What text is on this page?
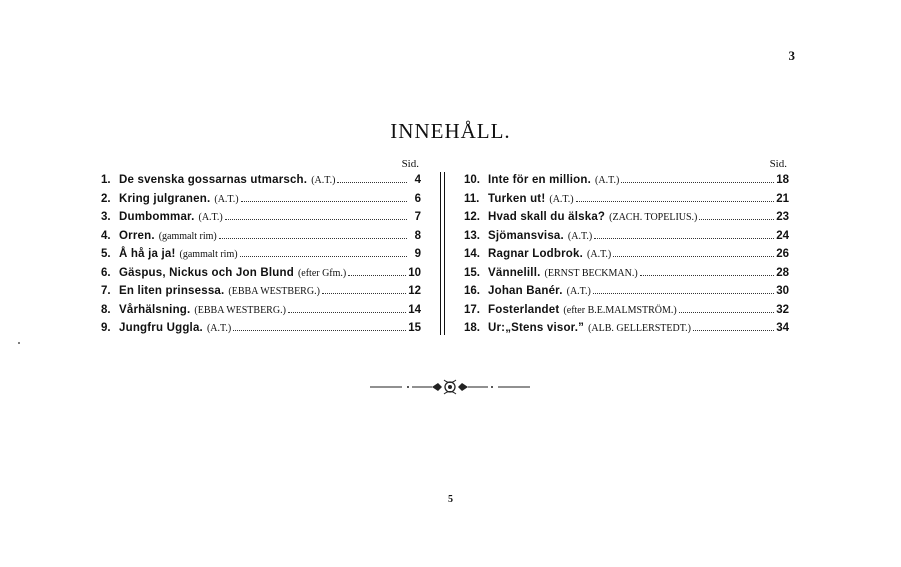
3
INNEHÅLL.
Sid.
1. De svenska gossarnas utmarsch. (A.T.)	4
2. Kring julgranen. (A.T.)	6
3. Dumbommar. (A.T.)	7
4. Orren. (gammalt rim)	8
5. Å hå ja ja! (gammalt rim)	9
6. Gäspus, Nickus och Jon Blund (efter Gfm.)	10
7. En liten prinsessa. (EBBA WESTBERG.)	12
8. Vårhälsning. (EBBA WESTBERG.)	14
9. Jungfru Uggla. (A.T.)	15
Sid.
10. Inte för en million. (A.T.)	18
11. Turken ut! (A.T.)	21
12. Hvad skall du älska? (ZACH. TOPELIUS.)	23
13. Sjömansvisa. (A.T.)	24
14. Ragnar Lodbrok. (A.T.)	26
15. Vännelill. (ERNST BECKMAN.)	28
16. Johan Banér. (A.T.)	30
17. Fosterlandet (efter B.E.MALMSTRÖM.)	32
18. Ur:„Stens visor.” (ALB. GELLERSTEDT.)	34
5
